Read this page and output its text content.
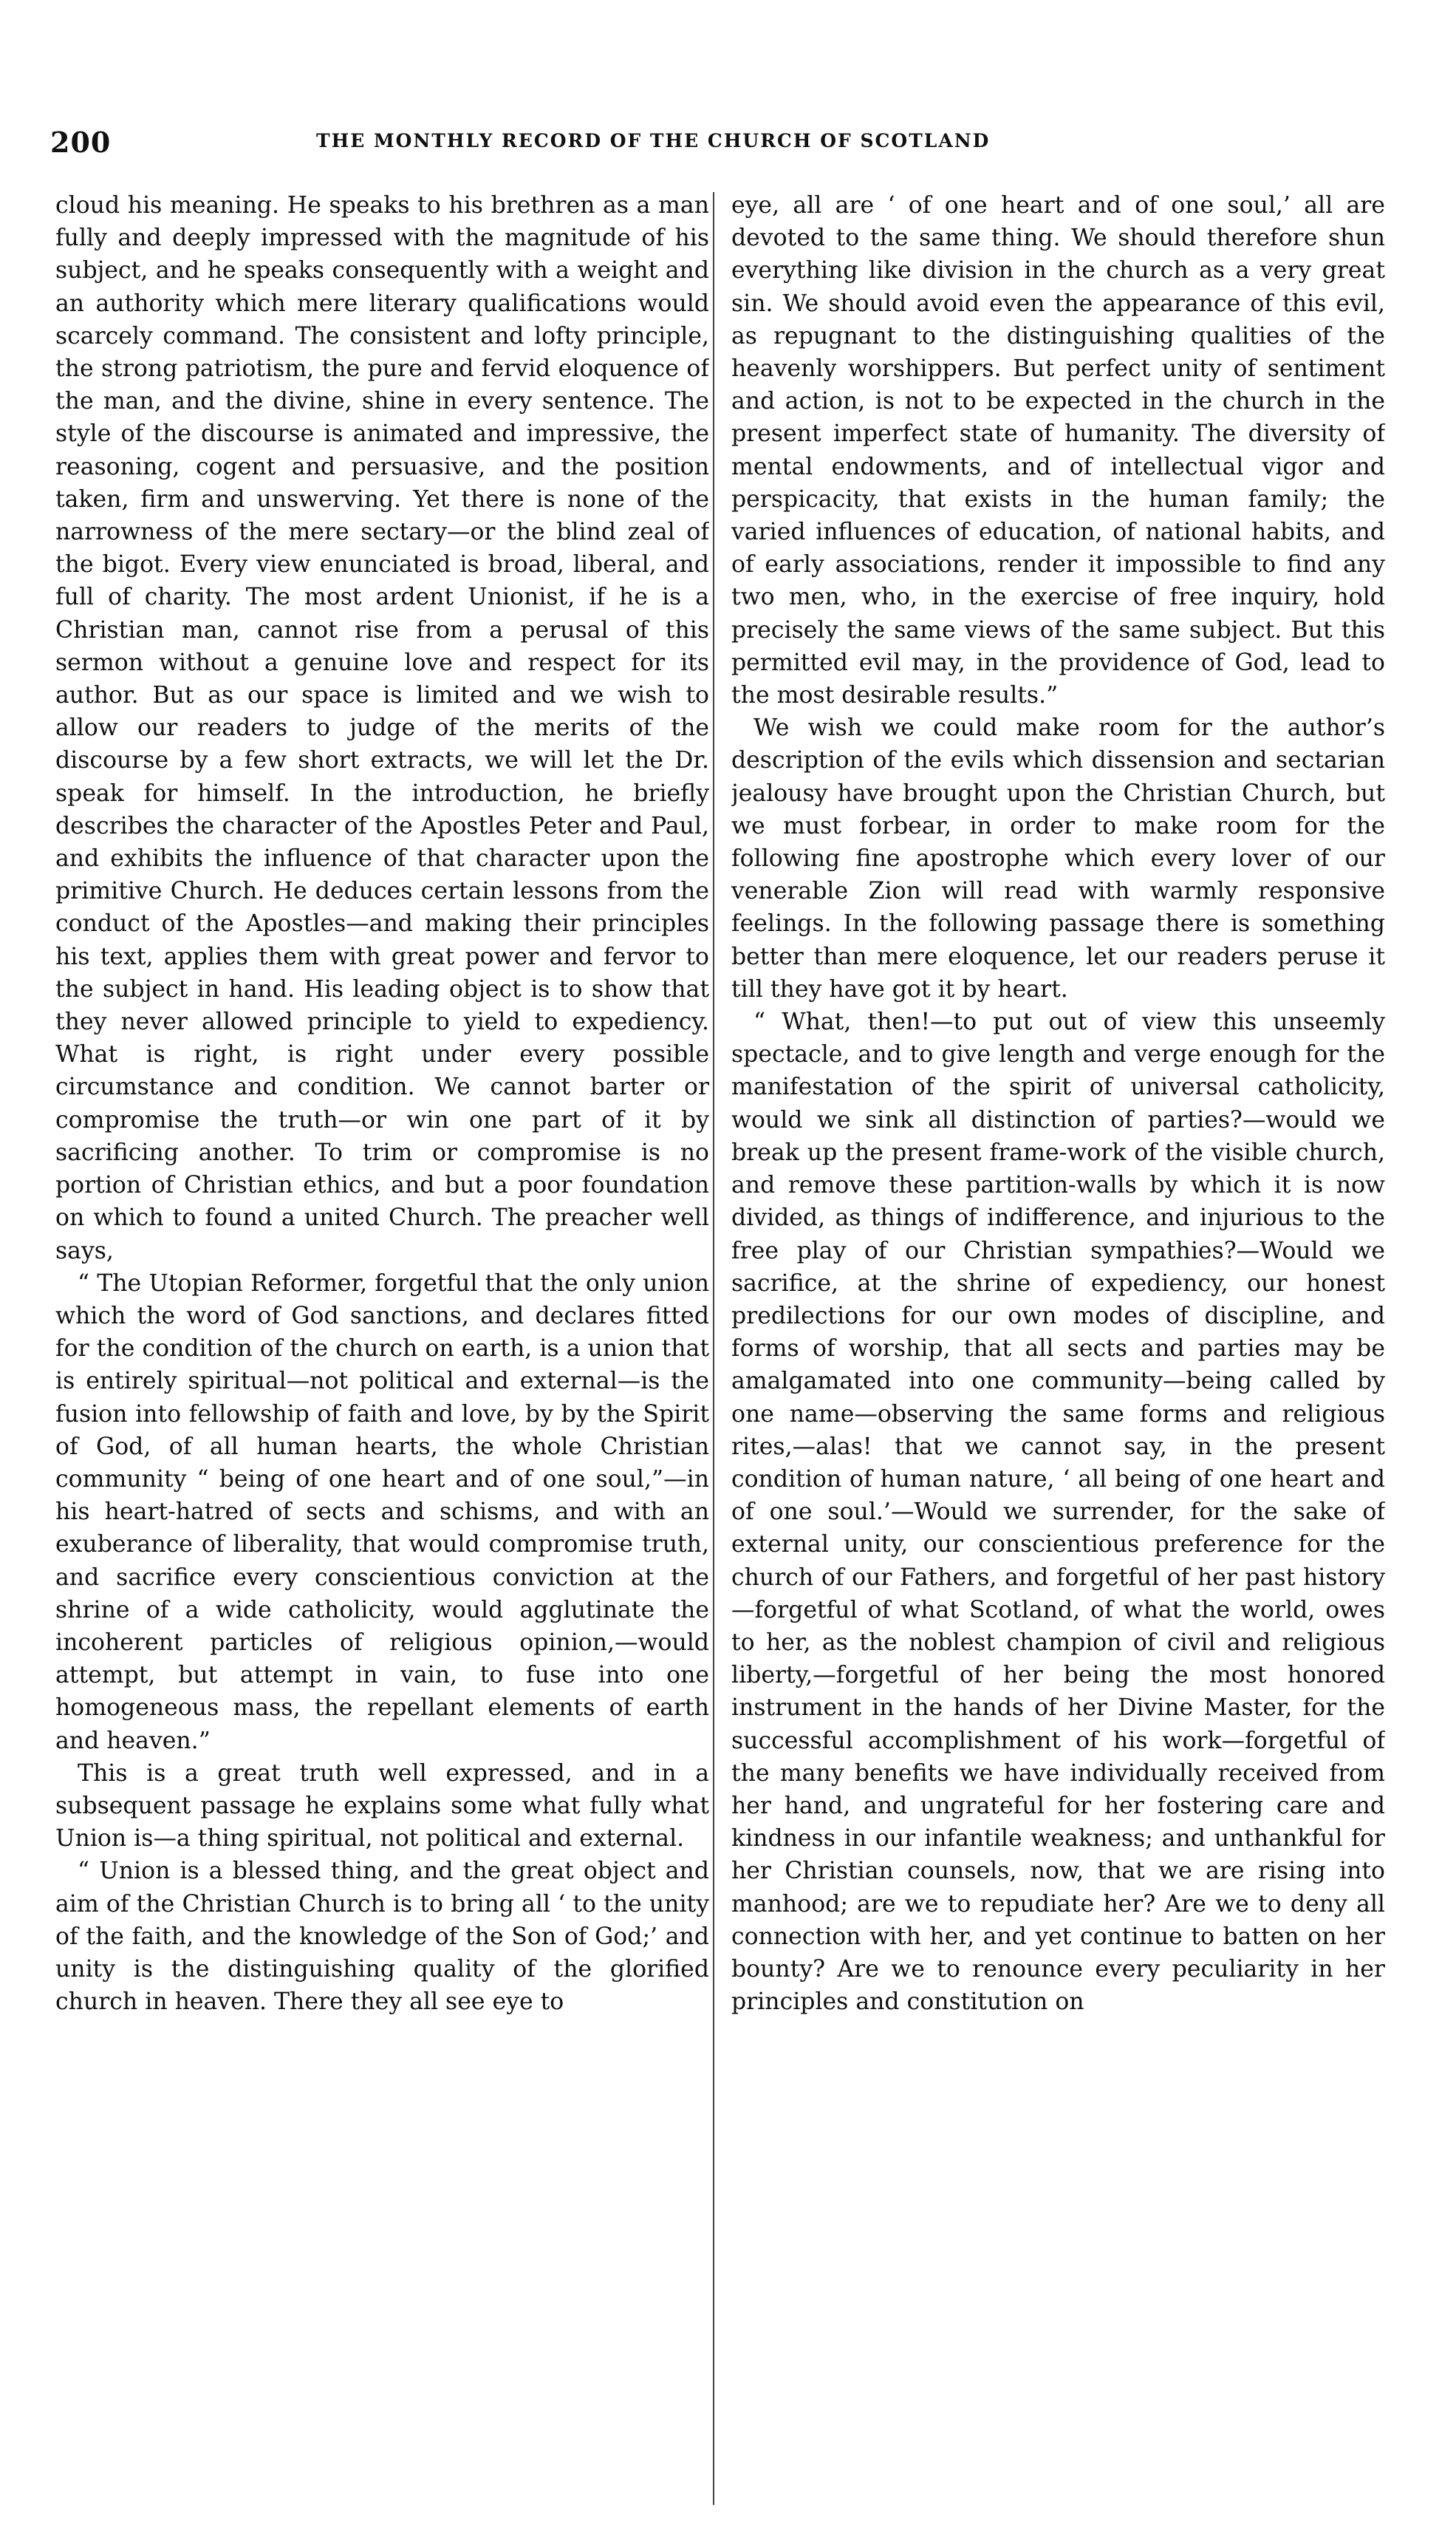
200	THE MONTHLY RECORD OF THE CHURCH OF SCOTLAND

cloud his meaning. He speaks to his brethren as a man fully and deeply impressed with the magnitude of his subject, and he speaks consequently with a weight and an authority which mere literary qualifications would scarcely command. The consistent and lofty principle, the strong patriotism, the pure and fervid eloquence of the man, and the divine, shine in every sentence. The style of the discourse is animated and impressive, the reasoning, cogent and persuasive, and the position taken, firm and unswerving. Yet there is none of the narrowness of the mere sectary—or the blind zeal of the bigot. Every view enunciated is broad, liberal, and full of charity. The most ardent Unionist, if he is a Christian man, cannot rise from a perusal of this sermon without a genuine love and respect for its author. But as our space is limited and we wish to allow our readers to judge of the merits of the discourse by a few short extracts, we will let the Dr. speak for himself. In the introduction, he briefly describes the character of the Apostles Peter and Paul, and exhibits the influence of that character upon the primitive Church. He deduces certain lessons from the conduct of the Apostles—and making their principles his text, applies them with great power and fervor to the subject in hand. His leading object is to show that they never allowed principle to yield to expediency. What is right, is right under every possible circumstance and condition. We cannot barter or compromise the truth—or win one part of it by sacrificing another. To trim or compromise is no portion of Christian ethics, and but a poor foundation on which to found a united Church. The preacher well says,

“ The Utopian Reformer, forgetful that the only union which the word of God sanctions, and declares fitted for the condition of the church on earth, is a union that is entirely spiritual—not political and external—is the fusion into fellowship of faith and love, by by the Spirit of God, of all human hearts, the whole Christian community “ being of one heart and of one soul,”—in his heart-hatred of sects and schisms, and with an exuberance of liberality, that would compromise truth, and sacrifice every conscientious conviction at the shrine of a wide catholicity, would agglutinate the incoherent particles of religious opinion,—would attempt, but attempt in vain, to fuse into one homogeneous mass, the repellant elements of earth and heaven.”

This is a great truth well expressed, and in a subsequent passage he explains some what fully what Union is—a thing spiritual, not political and external.

“ Union is a blessed thing, and the great object and aim of the Christian Church is to bring all ‘ to the unity of the faith, and the knowledge of the Son of God;’ and unity is the distinguishing quality of the glorified church in heaven. There they all see eye to

eye, all are ‘ of one heart and of one soul,’ all are devoted to the same thing. We should therefore shun everything like division in the church as a very great sin. We should avoid even the appearance of this evil, as repugnant to the distinguishing qualities of the heavenly worshippers. But perfect unity of sentiment and action, is not to be expected in the church in the present imperfect state of humanity. The diversity of mental endowments, and of intellectual vigor and perspicacity, that exists in the human family; the varied influences of education, of national habits, and of early associations, render it impossible to find any two men, who, in the exercise of free inquiry, hold precisely the same views of the same subject. But this permitted evil may, in the providence of God, lead to the most desirable results.”

We wish we could make room for the author’s description of the evils which dissension and sectarian jealousy have brought upon the Christian Church, but we must forbear, in order to make room for the following fine apostrophe which every lover of our venerable Zion will read with warmly responsive feelings. In the following passage there is something better than mere eloquence, let our readers peruse it till they have got it by heart.

“ What, then!—to put out of view this unseemly spectacle, and to give length and verge enough for the manifestation of the spirit of universal catholicity, would we sink all distinction of parties?—would we break up the present frame-work of the visible church, and remove these partition-walls by which it is now divided, as things of indifference, and injurious to the free play of our Christian sympathies?—Would we sacrifice, at the shrine of expediency, our honest predilections for our own modes of discipline, and forms of worship, that all sects and parties may be amalgamated into one community—being called by one name—observing the same forms and religious rites,—alas! that we cannot say, in the present condition of human nature, ‘ all being of one heart and of one soul.’—Would we surrender, for the sake of external unity, our conscientious preference for the church of our Fathers, and forgetful of her past history—forgetful of what Scotland, of what the world, owes to her, as the noblest champion of civil and religious liberty,—forgetful of her being the most honored instrument in the hands of her Divine Master, for the successful accomplishment of his work—forgetful of the many benefits we have individually received from her hand, and ungrateful for her fostering care and kindness in our infantile weakness; and unthankful for her Christian counsels, now, that we are rising into manhood; are we to repudiate her? Are we to deny all connection with her, and yet continue to batten on her bounty? Are we to renounce every peculiarity in her principles and constitution on
